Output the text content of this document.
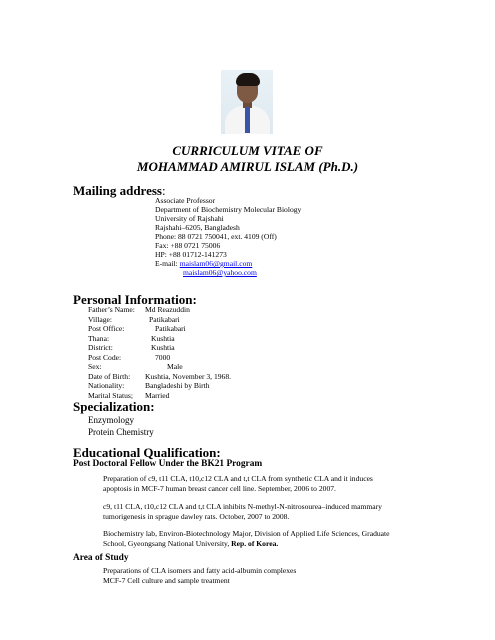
CURRICULUM VITAE OF
MOHAMMAD AMIRUL ISLAM (Ph.D.)
Mailing address:
Associate Professor
Department of Biochemistry Molecular Biology
University of Rajshahi
Rajshahi–6205, Bangladesh
Phone: 88 0721 750041, ext. 4109 (Off)
Fax: +88 0721 75006
HP: +88 01712-141273
E-mail: maislam06@gmail.com
maislam06@yahoo.com
Personal Information:
Father’s Name:
Village:
Post Office:
Thana:
District:
Post Code:
Sex:
Date of Birth:
Nationality:
Marital Status;
Md Reazuddin
Patikabari
Patikabari
Kushtia
Kushtia
7000
Male
Kushtia, November 3, 1968.
Bangladeshi by Birth
Married
Specialization:
Enzymology
Protein Chemistry
Educational Qualification:
Post Doctoral Fellow Under the BK21 Program
Preparation of c9, t11 CLA, t10,c12 CLA and t,t CLA from synthetic CLA and it induces
apoptosis in MCF-7 human breast cancer cell line. September, 2006 to 2007.
c9, t11 CLA, t10,c12 CLA and t,t CLA inhibits N-methyl-N-nitrosourea–induced mammary
tumorigenesis in sprague dawley rats. October, 2007 to 2008.
Biochemistry lab, Environ-Biotechnology Major, Division of Applied Life Sciences, Graduate
School, Gyeongsang National University, Rep. of Korea.
Area of Study
Preparations of CLA isomers and fatty acid-albumin complexes
MCF-7 Cell culture and sample treatment
